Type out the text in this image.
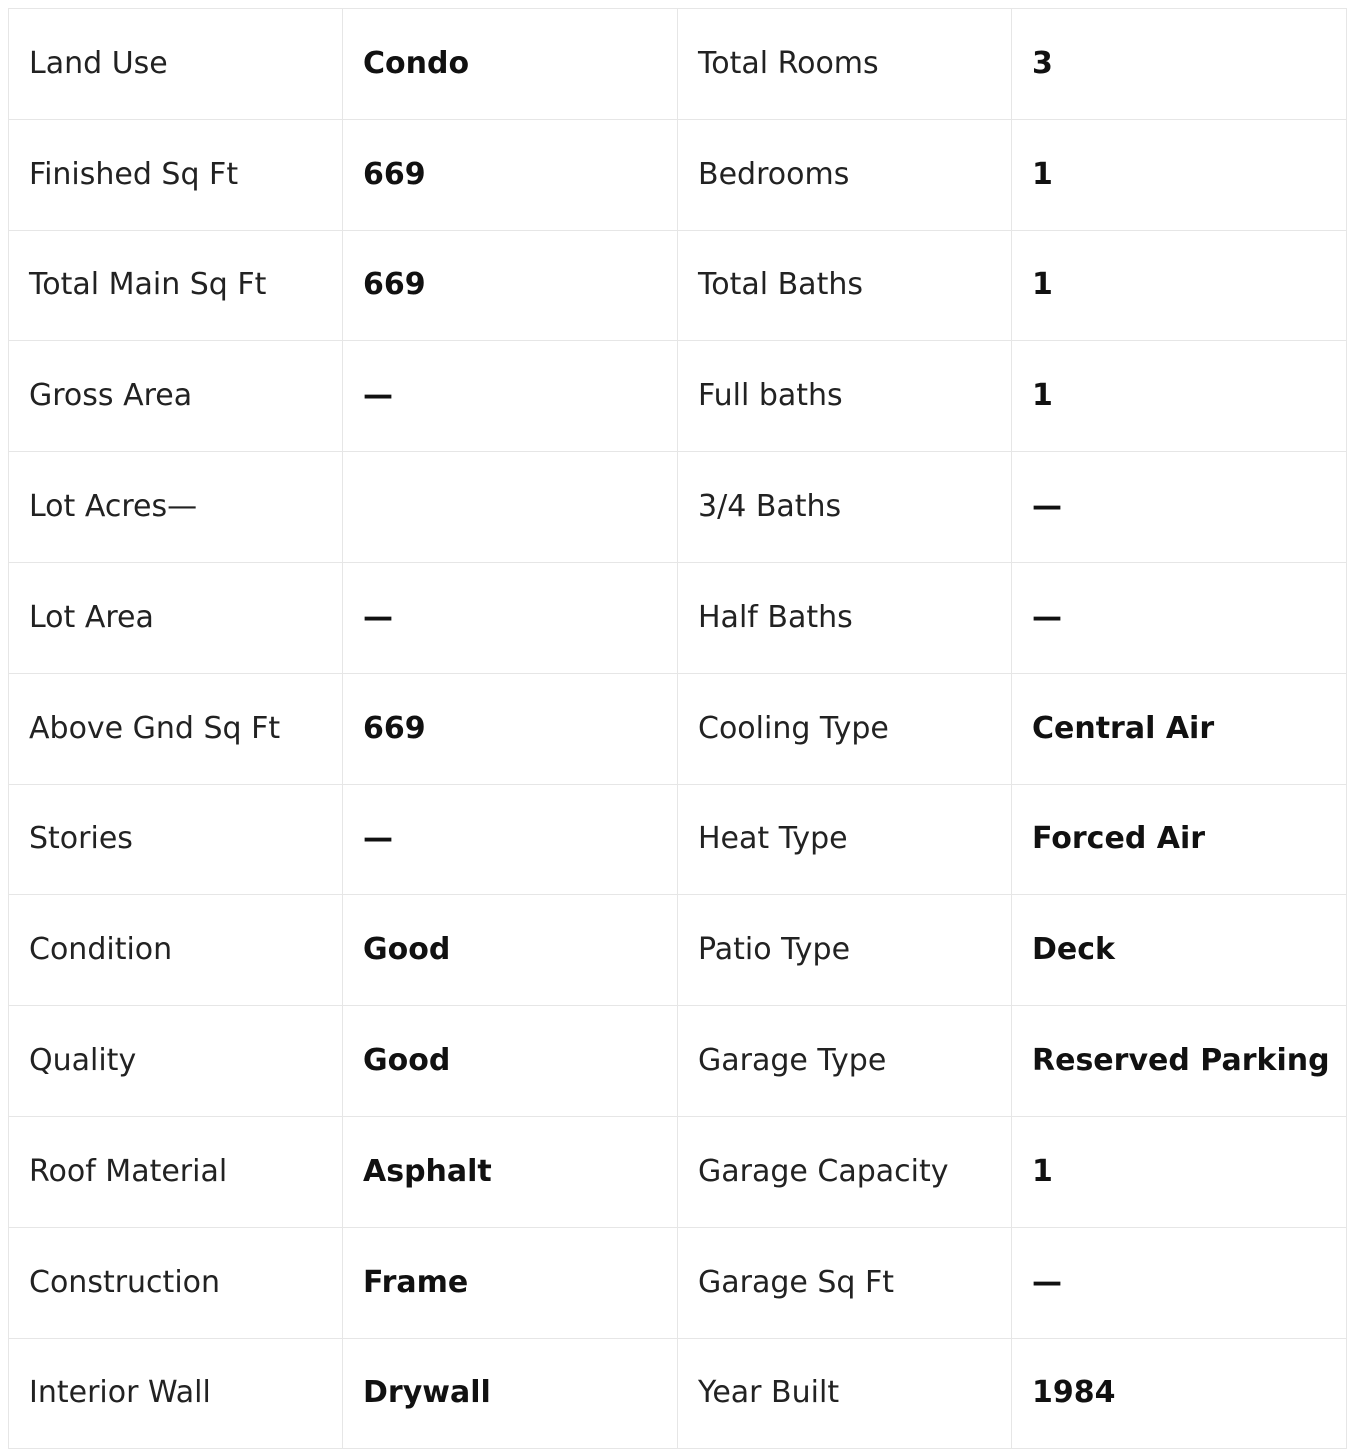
Land Use	Condo	Total Rooms	3
Finished Sq Ft	669	Bedrooms	1
Total Main Sq Ft	669	Total Baths	1
Gross Area	—	Full baths	1
Lot Acres—		3/4 Baths	—
Lot Area	—	Half Baths	—
Above Gnd Sq Ft	669	Cooling Type	Central Air
Stories	—	Heat Type	Forced Air
Condition	Good	Patio Type	Deck
Quality	Good	Garage Type	Reserved Parking
Roof Material	Asphalt	Garage Capacity	1
Construction	Frame	Garage Sq Ft	—
Interior Wall	Drywall	Year Built	1984
